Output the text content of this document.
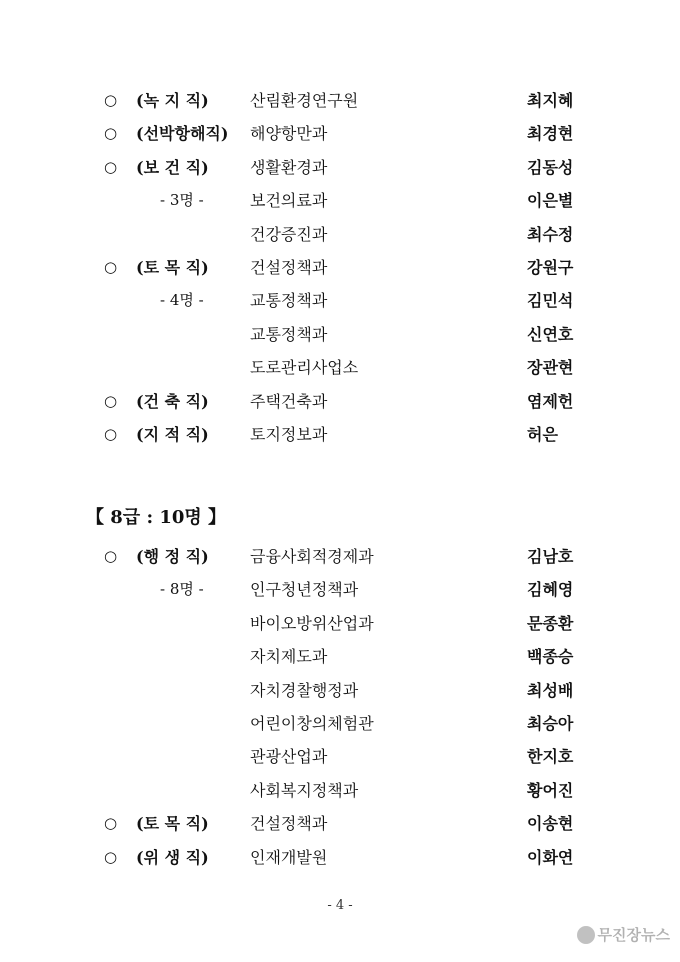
○ (녹 지 직)	산림환경연구원	최지혜
○ (선박항해직) 해양항만과	최경현
○ (보 건 직)	생활환경과	김동성
- 3명 -	보건의료과	이은별
건강증진과	최수정
○ (토 목 직)	건설정책과	강원구
- 4명 -	교통정책과	김민석
교통정책과	신연호
도로관리사업소	장관현
○ (건 축 직)	주택건축과	염제헌
○ (지 적 직)	토지정보과	허은
【 8급 : 10명 】
○ (행 정 직)	금융사회적경제과	김남호
- 8명 -	인구청년정책과	김혜영
바이오방위산업과	문종환
자치제도과	백종승
자치경찰행정과	최성배
어린이창의체험관	최승아
관광산업과	한지호
사회복지정책과	황어진
○ (토 목 직)	건설정책과	이송현
○ (위 생 직)	인재개발원	이화연
- 4 -
무진장뉴스
